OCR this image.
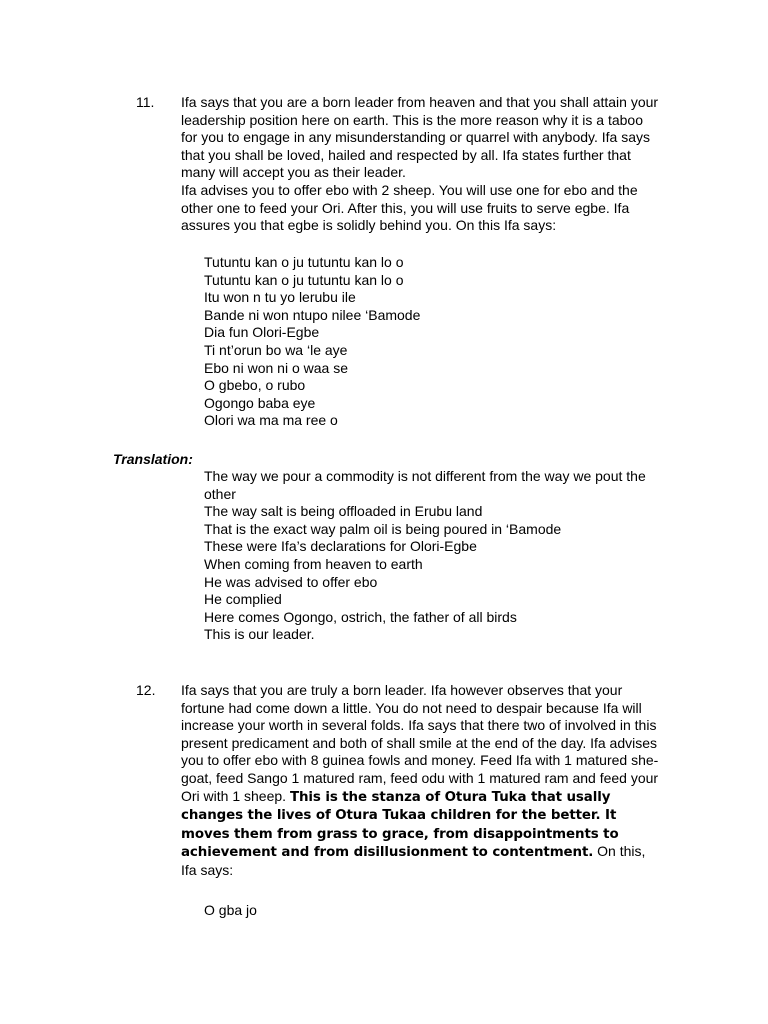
11. Ifa says that you are a born leader from heaven and that you shall attain your leadership position here on earth. This is the more reason why it is a taboo for you to engage in any misunderstanding or quarrel with anybody. Ifa says that you shall be loved, hailed and respected by all. Ifa states further that many will accept you as their leader.

Ifa advises you to offer ebo with 2 sheep. You will use one for ebo and the other one to feed your Ori. After this, you will use fruits to serve egbe. Ifa assures you that egbe is solidly behind you. On this Ifa says:

Tutuntu kan o ju tutuntu kan lo o
Tutuntu kan o ju tutuntu kan lo o
Itu won n tu yo lerubu ile
Bande ni won ntupo nilee ‘Bamode
Dia fun Olori-Egbe
Ti nt’orun bo wa ‘le aye
Ebo ni won ni o waa se
O gbebo, o rubo
Ogongo baba eye
Olori wa ma ma ree o
Translation:
The way we pour a commodity is not different from the way we pout the other
The way salt is being offloaded in Erubu land
That is the exact way palm oil is being poured in ‘Bamode
These were Ifa’s declarations for Olori-Egbe
When coming from heaven to earth
He was advised to offer ebo
He complied
Here comes Ogongo, ostrich, the father of all birds
This is our leader.
12. Ifa says that you are truly a born leader. Ifa however observes that your fortune had come down a little. You do not need to despair because Ifa will increase your worth in several folds. Ifa says that there two of involved in this present predicament and both of shall smile at the end of the day. Ifa advises you to offer ebo with 8 guinea fowls and money. Feed Ifa with 1 matured she-goat, feed Sango 1 matured ram, feed odu with 1 matured ram and feed your Ori with 1 sheep. This is the stanza of Otura Tuka that usally changes the lives of Otura Tukaa children for the better. It moves them from grass to grace, from disappointments to achievement and from disillusionment to contentment. On this, Ifa says:

O gba jo
